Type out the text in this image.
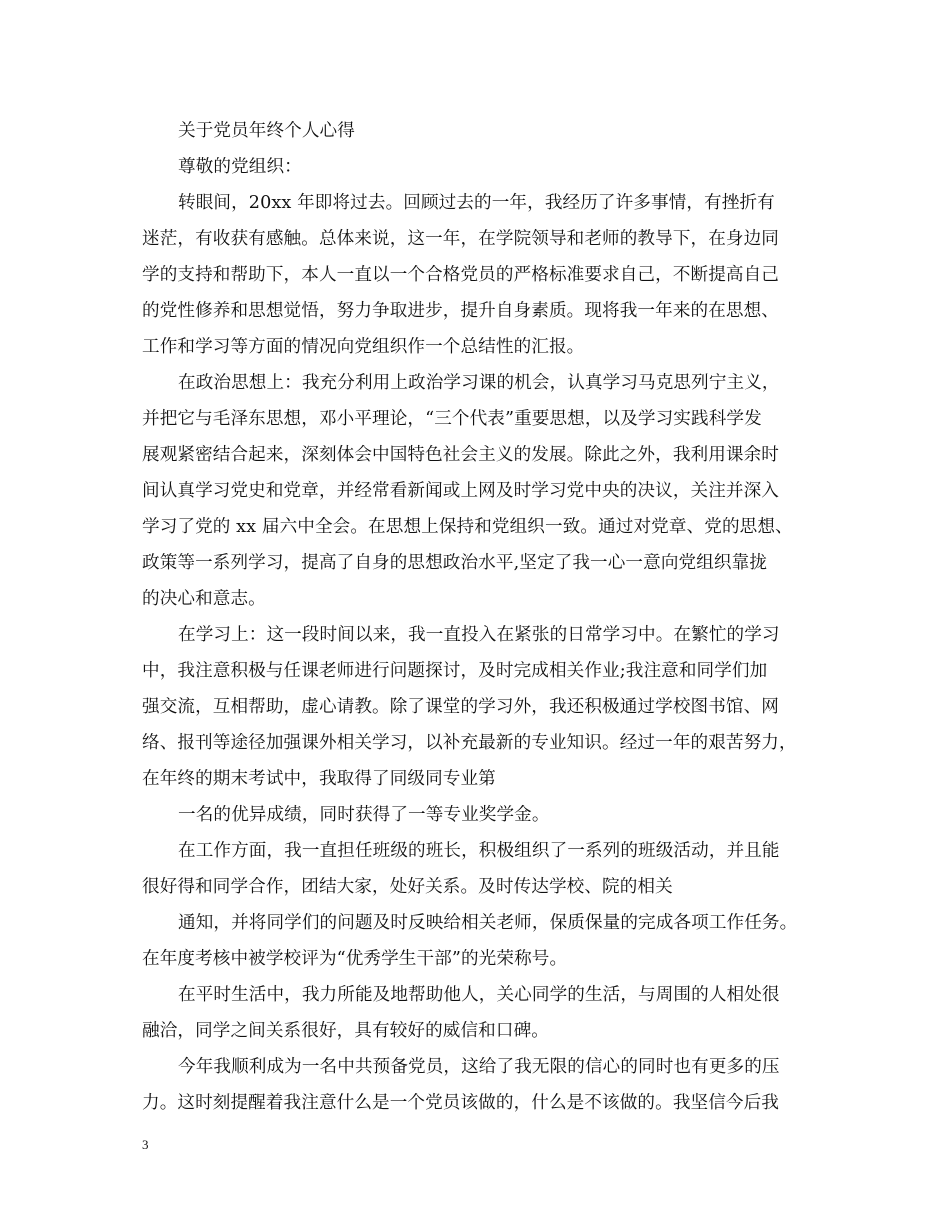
关于党员年终个人心得
尊敬的党组织：
转眼间，20xx 年即将过去。回顾过去的一年，我经历了许多事情，有挫折有
迷茫，有收获有感触。总体来说，这一年，在学院领导和老师的教导下，在身边同
学的支持和帮助下，本人一直以一个合格党员的严格标准要求自己，不断提高自己
的党性修养和思想觉悟，努力争取进步，提升自身素质。现将我一年来的在思想、
工作和学习等方面的情况向党组织作一个总结性的汇报。
在政治思想上：我充分利用上政治学习课的机会，认真学习马克思列宁主义，
并把它与毛泽东思想，邓小平理论，“三个代表”重要思想，以及学习实践科学发
展观紧密结合起来，深刻体会中国特色社会主义的发展。除此之外，我利用课余时
间认真学习党史和党章，并经常看新闻或上网及时学习党中央的决议，关注并深入
学习了党的 xx 届六中全会。在思想上保持和党组织一致。通过对党章、党的思想、
政策等一系列学习，提高了自身的思想政治水平,坚定了我一心一意向党组织靠拢
的决心和意志。
在学习上：这一段时间以来，我一直投入在紧张的日常学习中。在繁忙的学习
中，我注意积极与任课老师进行问题探讨，及时完成相关作业;我注意和同学们加
强交流，互相帮助，虚心请教。除了课堂的学习外，我还积极通过学校图书馆、网
络、报刊等途径加强课外相关学习，以补充最新的专业知识。经过一年的艰苦努力，
在年终的期末考试中，我取得了同级同专业第
一名的优异成绩，同时获得了一等专业奖学金。
在工作方面，我一直担任班级的班长，积极组织了一系列的班级活动，并且能
很好得和同学合作，团结大家，处好关系。及时传达学校、院的相关
通知，并将同学们的问题及时反映给相关老师，保质保量的完成各项工作任务。
在年度考核中被学校评为“优秀学生干部”的光荣称号。
在平时生活中，我力所能及地帮助他人，关心同学的生活，与周围的人相处很
融洽，同学之间关系很好，具有较好的威信和口碑。
今年我顺利成为一名中共预备党员，这给了我无限的信心的同时也有更多的压
力。这时刻提醒着我注意什么是一个党员该做的，什么是不该做的。我坚信今后我
3
